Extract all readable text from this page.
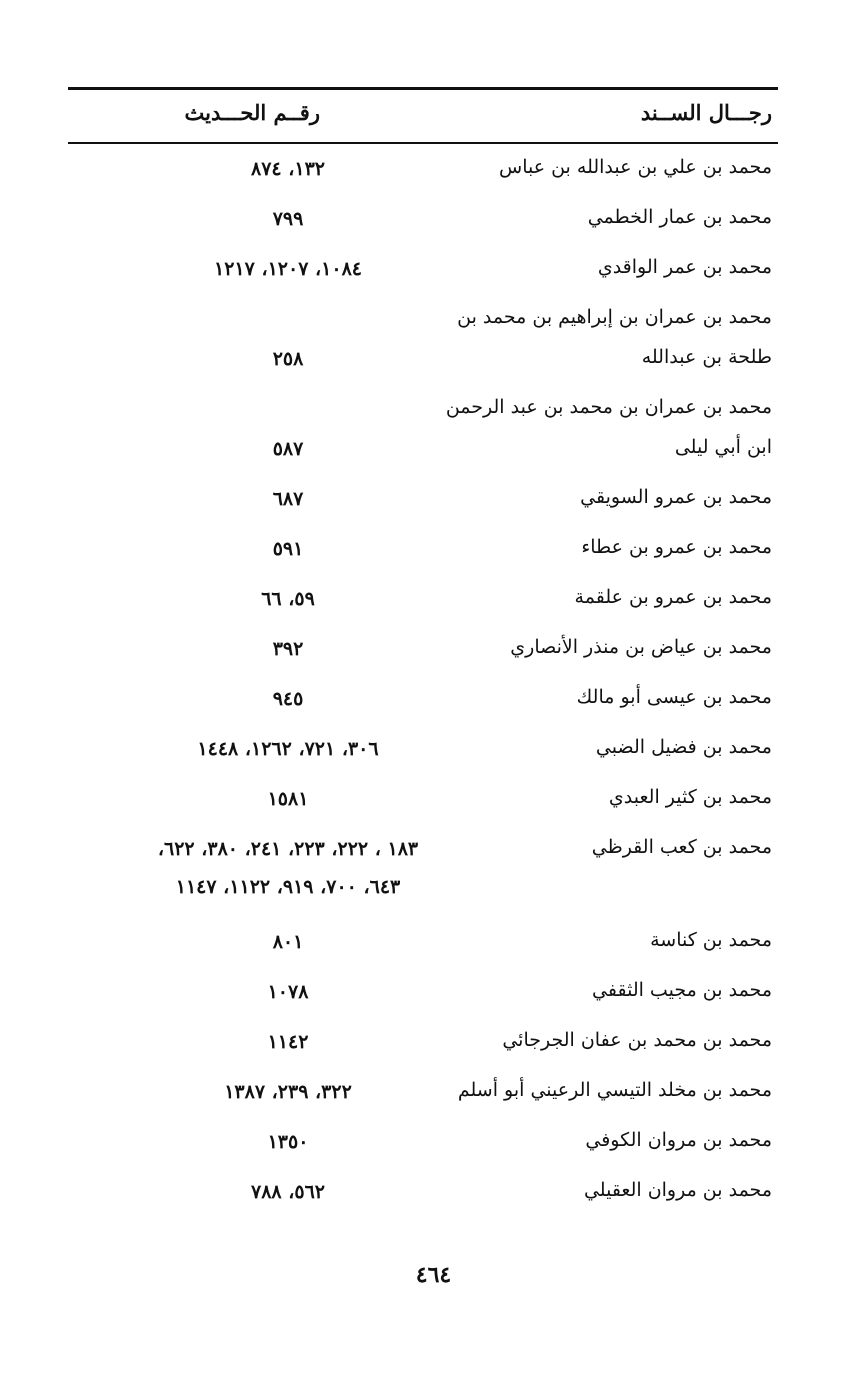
رجـــال الســند
رقــم الحـــديث
محمد بن علي بن عبدالله بن عباس
١٣٢، ٨٧٤
محمد بن عمار الخطمي
٧٩٩
محمد بن عمر الواقدي
١٠٨٤، ١٢٠٧، ١٢١٧
محمد بن عمران بن إبراهيم بن محمد بن
طلحة بن عبدالله
٢٥٨
محمد بن عمران بن محمد بن عبد الرحمن
ابن أبي ليلى
٥٨٧
محمد بن عمرو السويقي
٦٨٧
محمد بن عمرو بن عطاء
٥٩١
محمد بن عمرو بن علقمة
٥٩، ٦٦
محمد بن عياض بن منذر الأنصاري
٣٩٢
محمد بن عيسى أبو مالك
٩٤٥
محمد بن فضيل الضبي
٣٠٦، ٧٢١، ١٢٦٢، ١٤٤٨
محمد بن كثير العبدي
١٥٨١
محمد بن كعب القرظي
١٨٣ ، ٢٢٢، ٢٢٣، ٢٤١، ٣٨٠، ٦٢٢،
٦٤٣، ٧٠٠، ٩١٩، ١١٢٢، ١١٤٧
محمد بن كناسة
٨٠١
محمد بن مجيب الثقفي
١٠٧٨
محمد بن محمد بن عفان الجرجائي
١١٤٢
محمد بن مخلد التيسي الرعيني أبو أسلم
٣٢٢، ٢٣٩، ١٣٨٧
محمد بن مروان الكوفي
١٣٥٠
محمد بن مروان العقيلي
٥٦٢، ٧٨٨
٤٦٤
